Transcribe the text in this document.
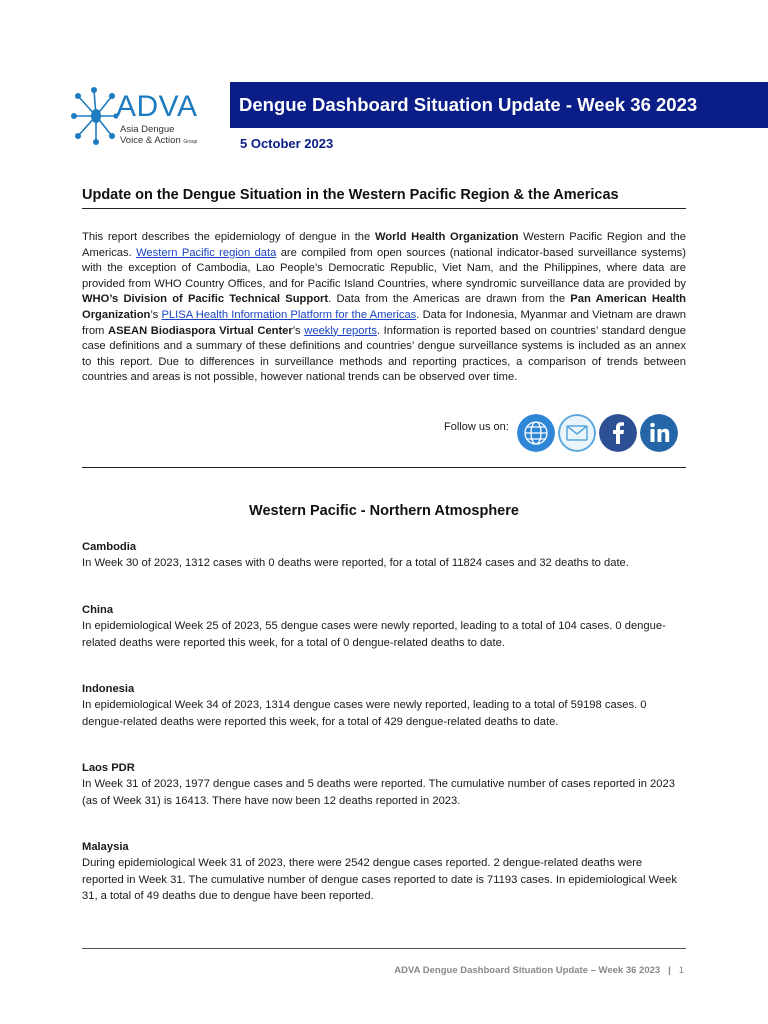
ADVA
Asia Dengue
Voice & Action Group
Dengue Dashboard Situation Update - Week 36 2023
5 October 2023
Update on the Dengue Situation in the Western Pacific Region & the Americas
This report describes the epidemiology of dengue in the World Health Organization Western Pacific Region and the Americas. Western Pacific region data are compiled from open sources (national indicator-based surveillance systems) with the exception of Cambodia, Lao People’s Democratic Republic, Viet Nam, and the Philippines, where data are provided from WHO Country Offices, and for Pacific Island Countries, where syndromic surveillance data are provided by WHO’s Division of Pacific Technical Support. Data from the Americas are drawn from the Pan American Health Organization’s PLISA Health Information Platform for the Americas. Data for Indonesia, Myanmar and Vietnam are drawn from ASEAN Biodiaspora Virtual Center’s weekly reports. Information is reported based on countries’ standard dengue case definitions and a summary of these definitions and countries’ dengue surveillance systems is included as an annex to this report. Due to differences in surveillance methods and reporting practices, a comparison of trends between countries and areas is not possible, however national trends can be observed over time.
Follow us on:
Western Pacific - Northern Atmosphere
Cambodia
In Week 30 of 2023, 1312 cases with 0 deaths were reported, for a total of 11824 cases and 32 deaths to date.
China
In epidemiological Week 25 of 2023, 55 dengue cases were newly reported, leading to a total of 104 cases. 0 dengue-related deaths were reported this week, for a total of 0 dengue-related deaths to date.
Indonesia
In epidemiological Week 34 of 2023, 1314 dengue cases were newly reported, leading to a total of 59198 cases. 0 dengue-related deaths were reported this week, for a total of 429 dengue-related deaths to date.
Laos PDR
In Week 31 of 2023, 1977 dengue cases and 5 deaths were reported. The cumulative number of cases reported in 2023 (as of Week 31) is 16413. There have now been 12 deaths reported in 2023.
Malaysia
During epidemiological Week 31 of 2023, there were 2542 dengue cases reported. 2 dengue-related deaths were reported in Week 31. The cumulative number of dengue cases reported to date is 71193 cases. In epidemiological Week 31, a total of 49 deaths due to dengue have been reported.
ADVA Dengue Dashboard Situation Update – Week 36 2023 | 1
